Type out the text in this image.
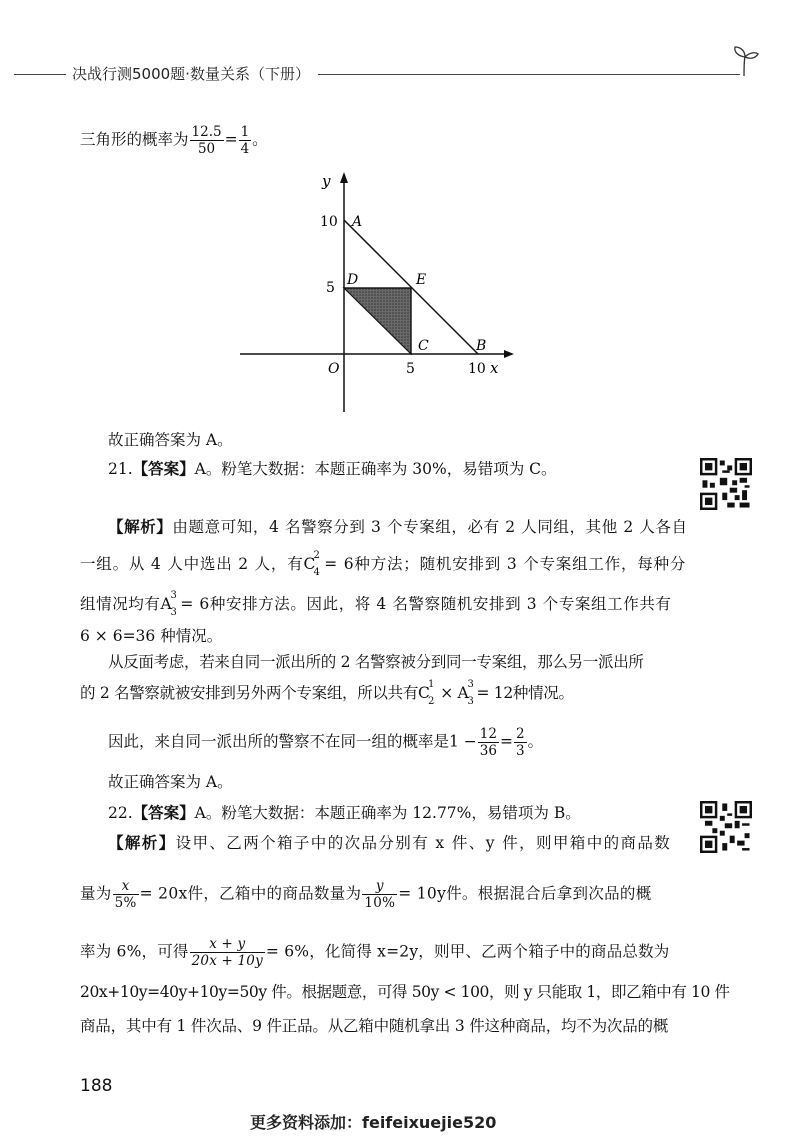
决战行测5000题·数量关系（下册）
三角形的概率为 $\frac{12.5}{50} = \frac{1}{4}$ 。
y
x
O
10
5
5	10
A
B
C
D	E
故正确答案为 A。
21.【答案】A。粉笔大数据：本题正确率为 30%，易错项为 C。
【解析】由题意可知，4 名警察分到 3 个专案组，必有 2 人同组，其他 2 人各自
一组。从 4 人中选出 2 人，有C
2
4 = 6种方法；随机安排到 3 个专案组工作，每种分
组情况均有A
3
3 = 6种安排方法。因此，将 4 名警察随机安排到 3 个专案组工作共有
6 × 6=36 种情况。
从反面考虑，若来自同一派出所的 2 名警察被分到同一专案组，那么另一派出所
的 2 名警察就被安排到另外两个专案组，所以共有C
1
2 × A 3
3 = 12种情况。
因此，来自同一派出所的警察不在同一组的概率是$1 - \frac{12}{36} = \frac{2}{3}$ 。
故正确答案为 A。
22.【答案】A。粉笔大数据：本题正确率为 12.77%，易错项为 B。
【解析】设甲、乙两个箱子中的次品分别有 x 件、y 件，则甲箱中的商品数
量为 $\frac{x}{5\%} = 20x$件，乙箱中的商品数量为 $\frac{y}{10\%} = 10y$件。根据混合后拿到次品的概
率为 6%，可得 $\frac{x + y}{20x + 10y} = 6\%$，化简得 x=2y，则甲、乙两个箱子中的商品总数为
20x+10y=40y+10y=50y 件。根据题意，可得 50y < 100，则 y 只能取 1，即乙箱中有 10 件
商品，其中有 1 件次品、9 件正品。从乙箱中随机拿出 3 件这种商品，均不为次品的概
188
更多资料添加：feifeixuejie520
